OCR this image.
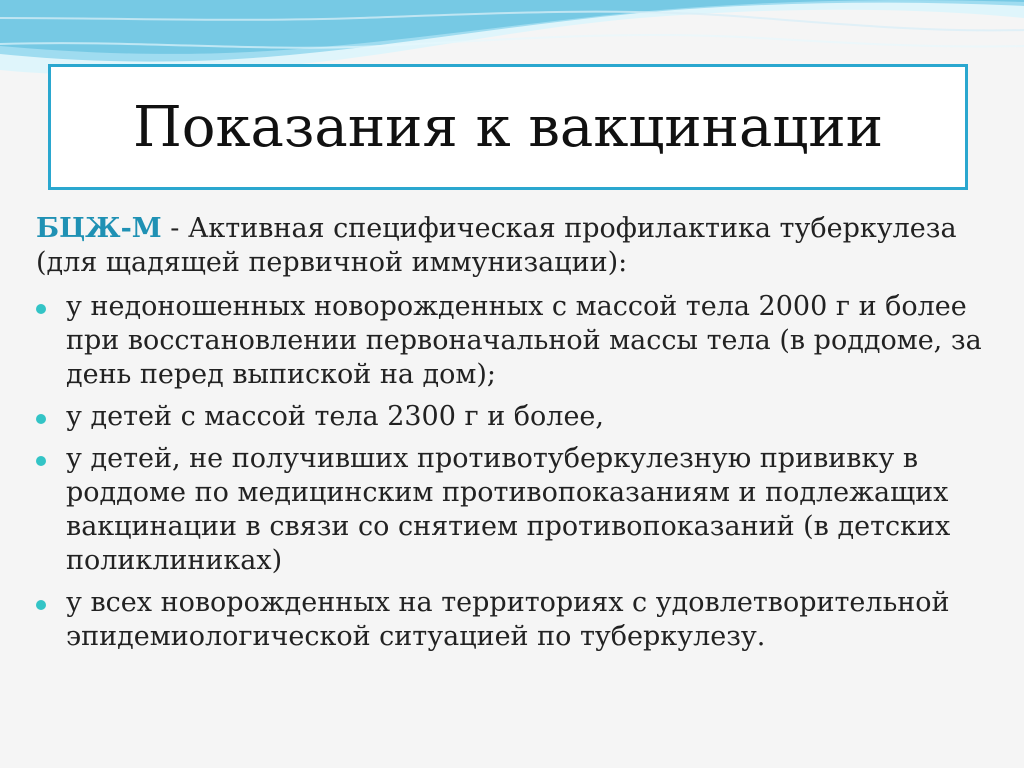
Показания к вакцинации
БЦЖ-М - Активная специфическая профилактика туберкулеза (для щадящей первичной иммунизации):
у недоношенных новорожденных с массой тела 2000 г и более при восстановлении первоначальной массы тела (в роддоме, за день перед выпиской на дом);
у детей с массой тела 2300 г и более,
у детей, не получивших противотуберкулезную прививку в роддоме по медицинским противопоказаниям и подлежащих вакцинации в связи со снятием противопоказаний (в детских поликлиниках)
у всех новорожденных на территориях с удовлетворительной эпидемиологической ситуацией по туберкулезу.
